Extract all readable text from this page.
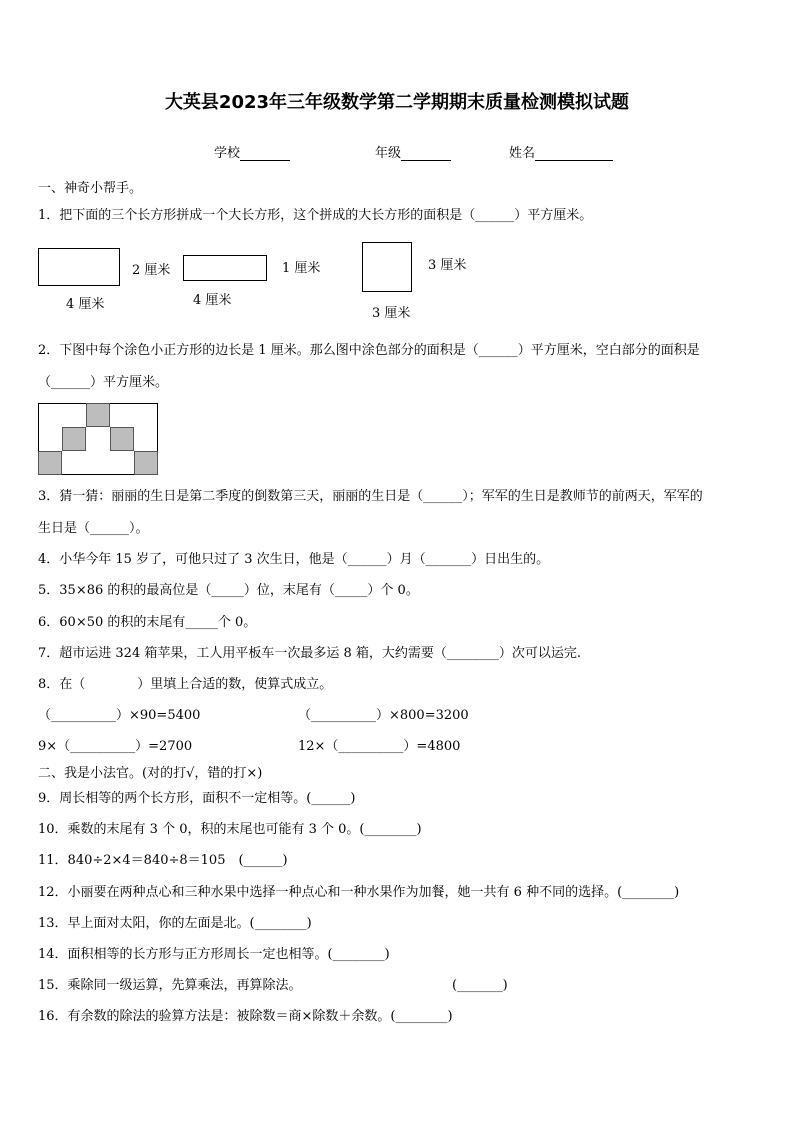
大英县2023年三年级数学第二学期期末质量检测模拟试题
学校	年级	姓名
一、神奇小帮手。
1．把下面的三个长方形拼成一个大长方形，这个拼成的大长方形的面积是（______）平方厘米。
2 厘米
4 厘米
1 厘米
4 厘米
3 厘米
3 厘米
2．下图中每个涂色小正方形的边长是 1 厘米。那么图中涂色部分的面积是（______）平方厘米，空白部分的面积是
（______）平方厘米。
3．猜一猜：丽丽的生日是第二季度的倒数第三天，丽丽的生日是（______）；军军的生日是教师节的前两天，军军的
生日是（______）。
4．小华今年 15 岁了，可他只过了 3 次生日，他是（______）月（_______）日出生的。
5．35×86 的积的最高位是（_____）位，末尾有（_____）个 0。
6．60×50 的积的末尾有_____个 0。
7．超市运进 324 箱苹果，工人用平板车一次最多运 8 箱，大约需要（________）次可以运完.
8．在（　　　　）里填上合适的数，使算式成立。
（__________）×90=5400	（__________）×800=3200
9×（__________）=2700	12×（__________）=4800
二、我是小法官。(对的打√，错的打×)
9．周长相等的两个长方形，面积不一定相等。(______)
10．乘数的末尾有 3 个 0，积的末尾也可能有 3 个 0。(________)
11．840÷2×4＝840÷8＝105　(______)
12．小丽要在两种点心和三种水果中选择一种点心和一种水果作为加餐，她一共有 6 种不同的选择。(________)
13．早上面对太阳，你的左面是北。(________)
14．面积相等的长方形与正方形周长一定也相等。(________)
15．乘除同一级运算，先算乘法，再算除法。	(_______)
16．有余数的除法的验算方法是：被除数＝商×除数＋余数。(________)
